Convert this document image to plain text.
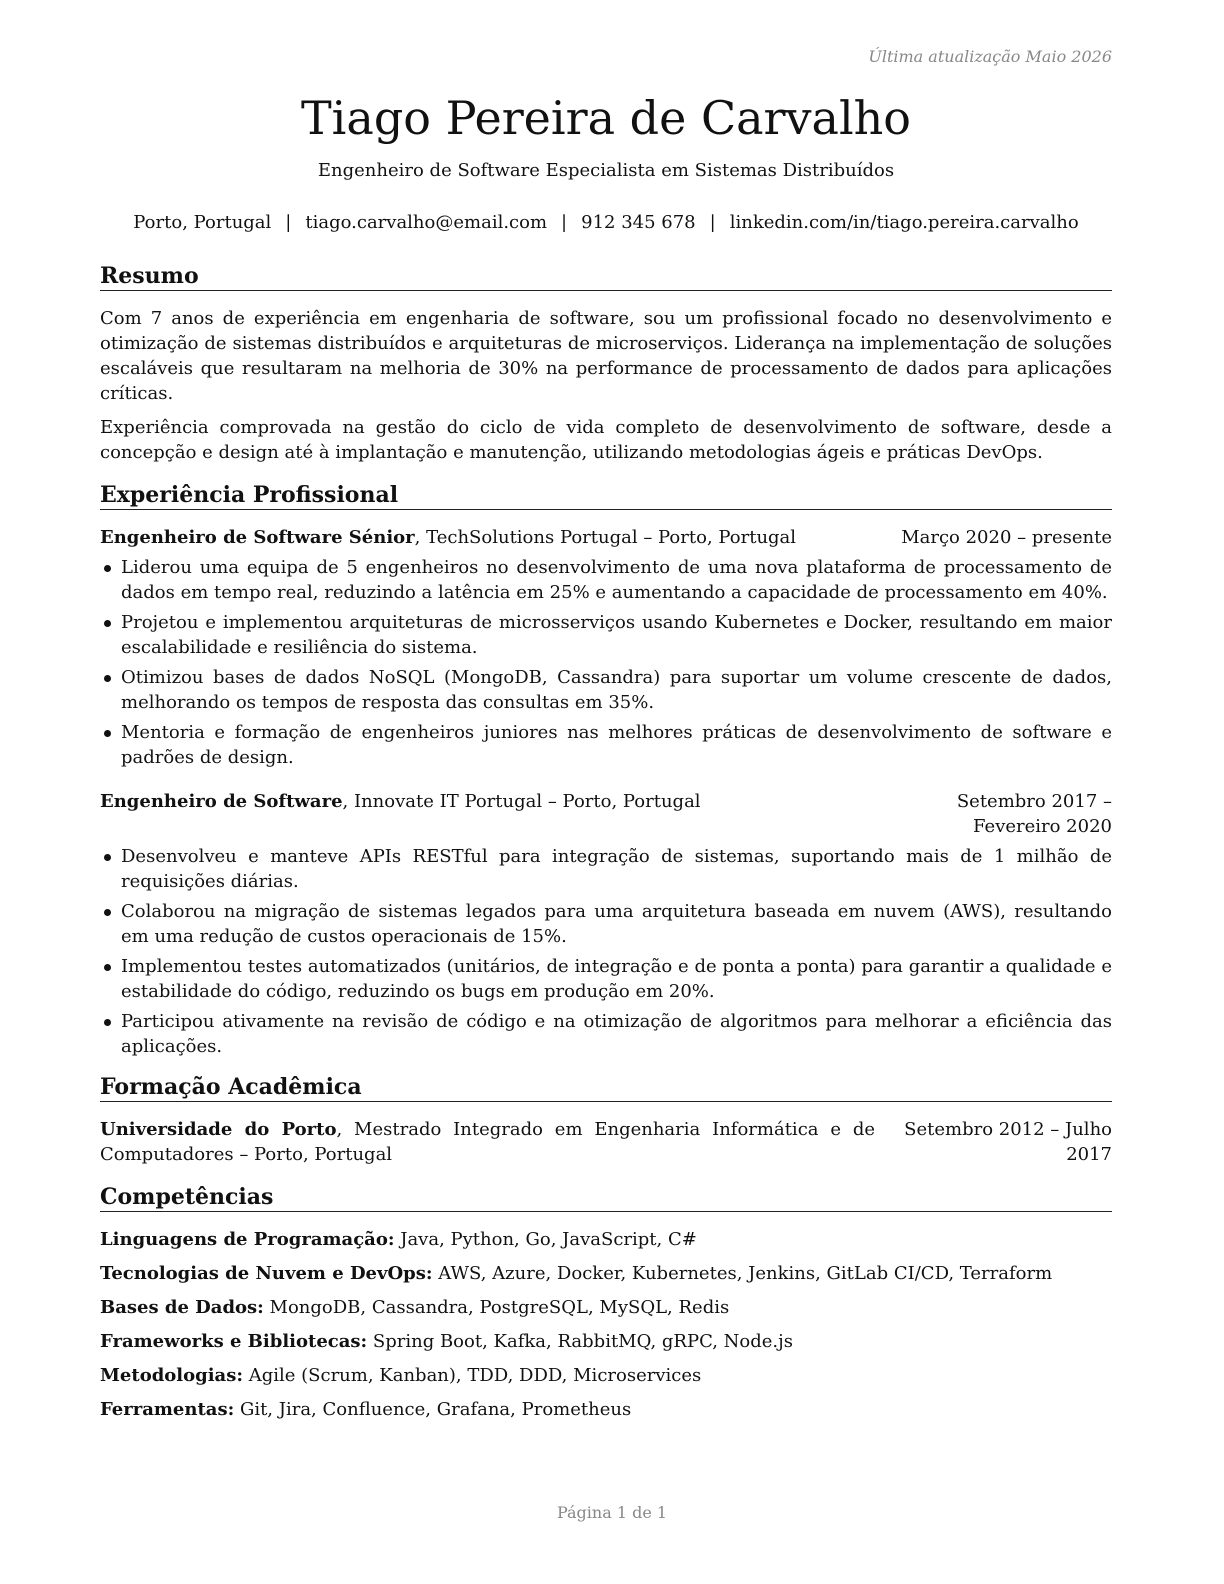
Última atualização Maio 2026
Tiago Pereira de Carvalho
Engenheiro de Software Especialista em Sistemas Distribuídos
Porto, Portugal | tiago.carvalho@email.com | 912 345 678 | linkedin.com/in/tiago.pereira.carvalho
Resumo

Com 7 anos de experiência em engenharia de software, sou um profissional focado no desenvolvimento e otimização de sistemas distribuídos e arquiteturas de microserviços. Liderança na implementação de soluções escaláveis que resultaram na melhoria de 30% na performance de processamento de dados para aplicações críticas.

Experiência comprovada na gestão do ciclo de vida completo de desenvolvimento de software, desde a concepção e design até à implantação e manutenção, utilizando metodologias ágeis e práticas DevOps.

Experiência Profissional
Engenheiro de Software Sénior, TechSolutions Portugal – Porto, Portugal	Março 2020 – presente
Liderou uma equipa de 5 engenheiros no desenvolvimento de uma nova plataforma de processamento de dados em tempo real, reduzindo a latência em 25% e aumentando a capacidade de processamento em 40%.
Projetou e implementou arquiteturas de microsserviços usando Kubernetes e Docker, resultando em maior escalabilidade e resiliência do sistema.
Otimizou bases de dados NoSQL (MongoDB, Cassandra) para suportar um volume crescente de dados, melhorando os tempos de resposta das consultas em 35%.
Mentoria e formação de engenheiros juniores nas melhores práticas de desenvolvimento de software e padrões de design.
Engenheiro de Software, Innovate IT Portugal – Porto, Portugal	Setembro 2017 – Fevereiro 2020
Desenvolveu e manteve APIs RESTful para integração de sistemas, suportando mais de 1 milhão de requisições diárias.
Colaborou na migração de sistemas legados para uma arquitetura baseada em nuvem (AWS), resultando em uma redução de custos operacionais de 15%.
Implementou testes automatizados (unitários, de integração e de ponta a ponta) para garantir a qualidade e estabilidade do código, reduzindo os bugs em produção em 20%.
Participou ativamente na revisão de código e na otimização de algoritmos para melhorar a eficiência das aplicações.
Formação Acadêmica
Universidade do Porto, Mestrado Integrado em Engenharia Informática e de Computadores – Porto, Portugal
Setembro 2012 – Julho 2017
Competências
Linguagens de Programação: Java, Python, Go, JavaScript, C#
Tecnologias de Nuvem e DevOps: AWS, Azure, Docker, Kubernetes, Jenkins, GitLab CI/CD, Terraform
Bases de Dados: MongoDB, Cassandra, PostgreSQL, MySQL, Redis
Frameworks e Bibliotecas: Spring Boot, Kafka, RabbitMQ, gRPC, Node.js
Metodologias: Agile (Scrum, Kanban), TDD, DDD, Microservices
Ferramentas: Git, Jira, Confluence, Grafana, Prometheus
Página 1 de 1
